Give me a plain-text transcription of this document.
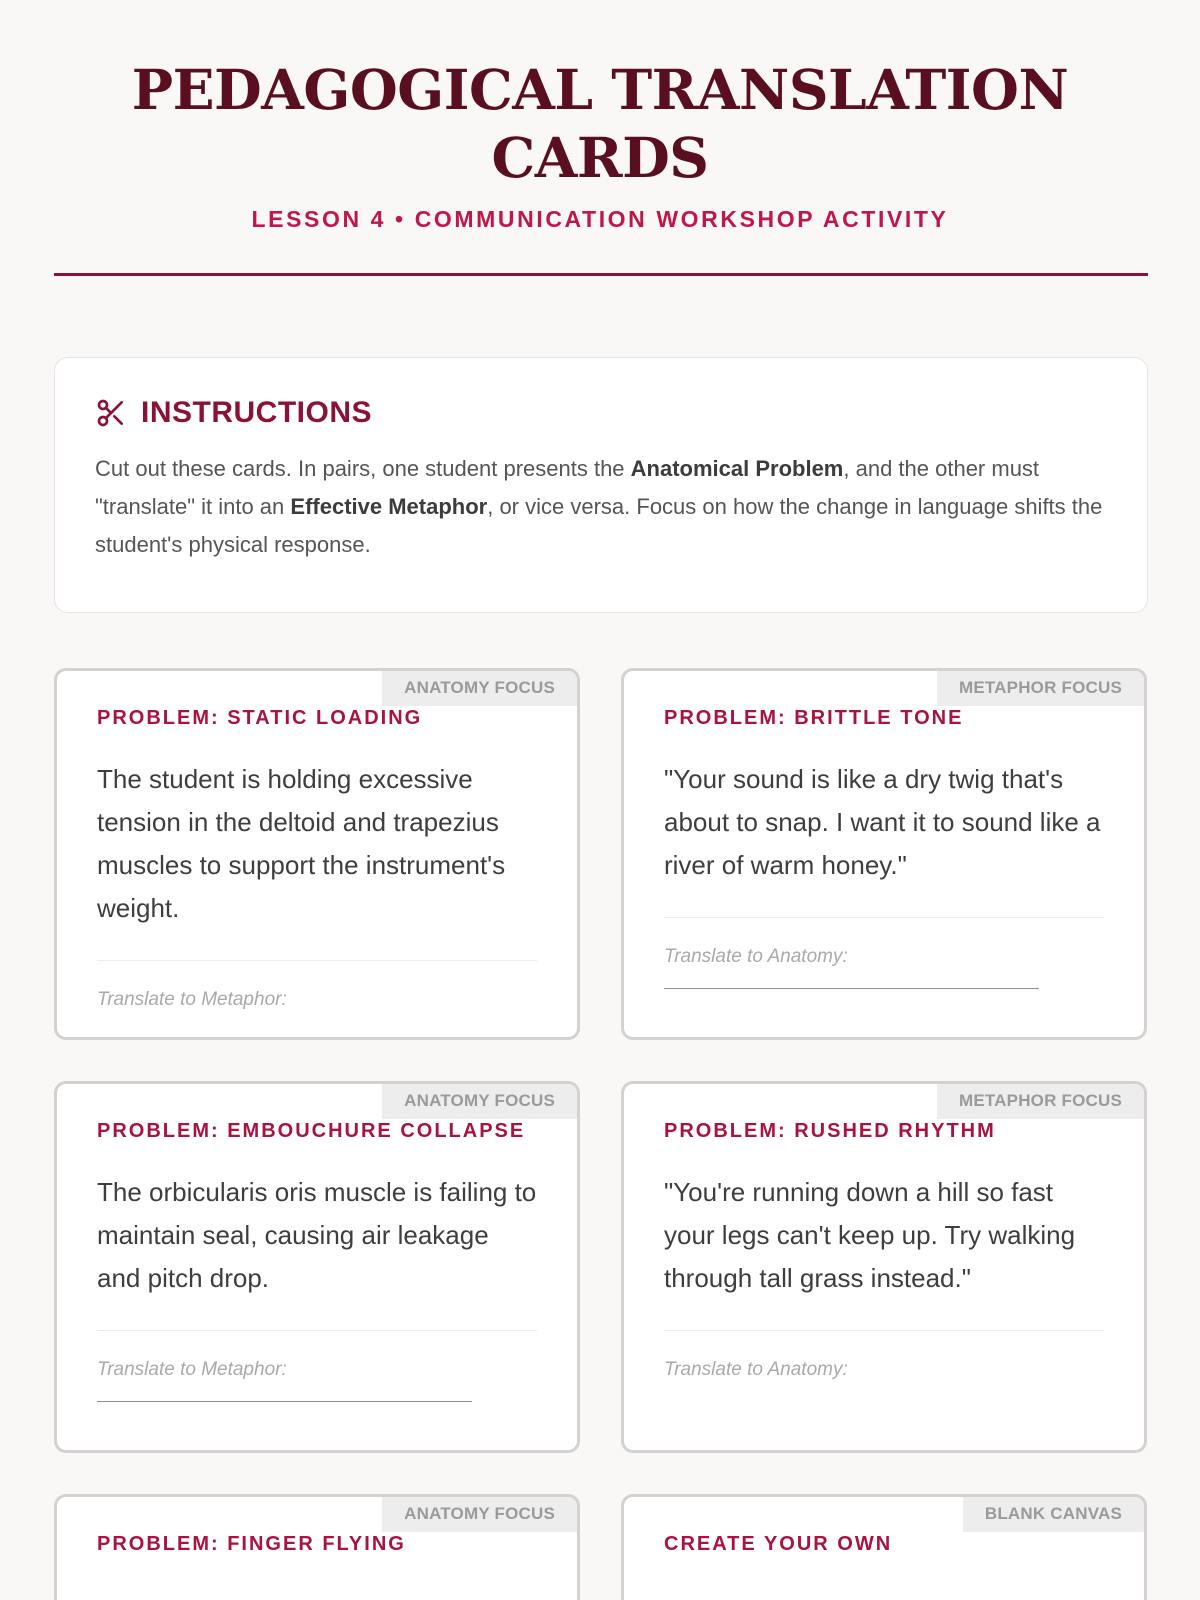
PEDAGOGICAL TRANSLATION CARDS
LESSON 4 • COMMUNICATION WORKSHOP ACTIVITY
INSTRUCTIONS

Cut out these cards. In pairs, one student presents the Anatomical Problem, and the other must "translate" it into an Effective Metaphor, or vice versa. Focus on how the change in language shifts the student's physical response.

ANATOMY FOCUS
PROBLEM: STATIC LOADING
The student is holding excessive tension in the deltoid and trapezius muscles to support the instrument's weight.
Translate to Metaphor:
METAPHOR FOCUS
PROBLEM: BRITTLE TONE
"Your sound is like a dry twig that's about to snap. I want it to sound like a river of warm honey."
Translate to Anatomy:
ANATOMY FOCUS
PROBLEM: EMBOUCHURE COLLAPSE
The orbicularis oris muscle is failing to maintain seal, causing air leakage and pitch drop.
Translate to Metaphor:
METAPHOR FOCUS
PROBLEM: RUSHED RHYTHM
"You're running down a hill so fast your legs can't keep up. Try walking through tall grass instead."
Translate to Anatomy:
ANATOMY FOCUS
PROBLEM: FINGER FLYING
BLANK CANVAS
CREATE YOUR OWN
